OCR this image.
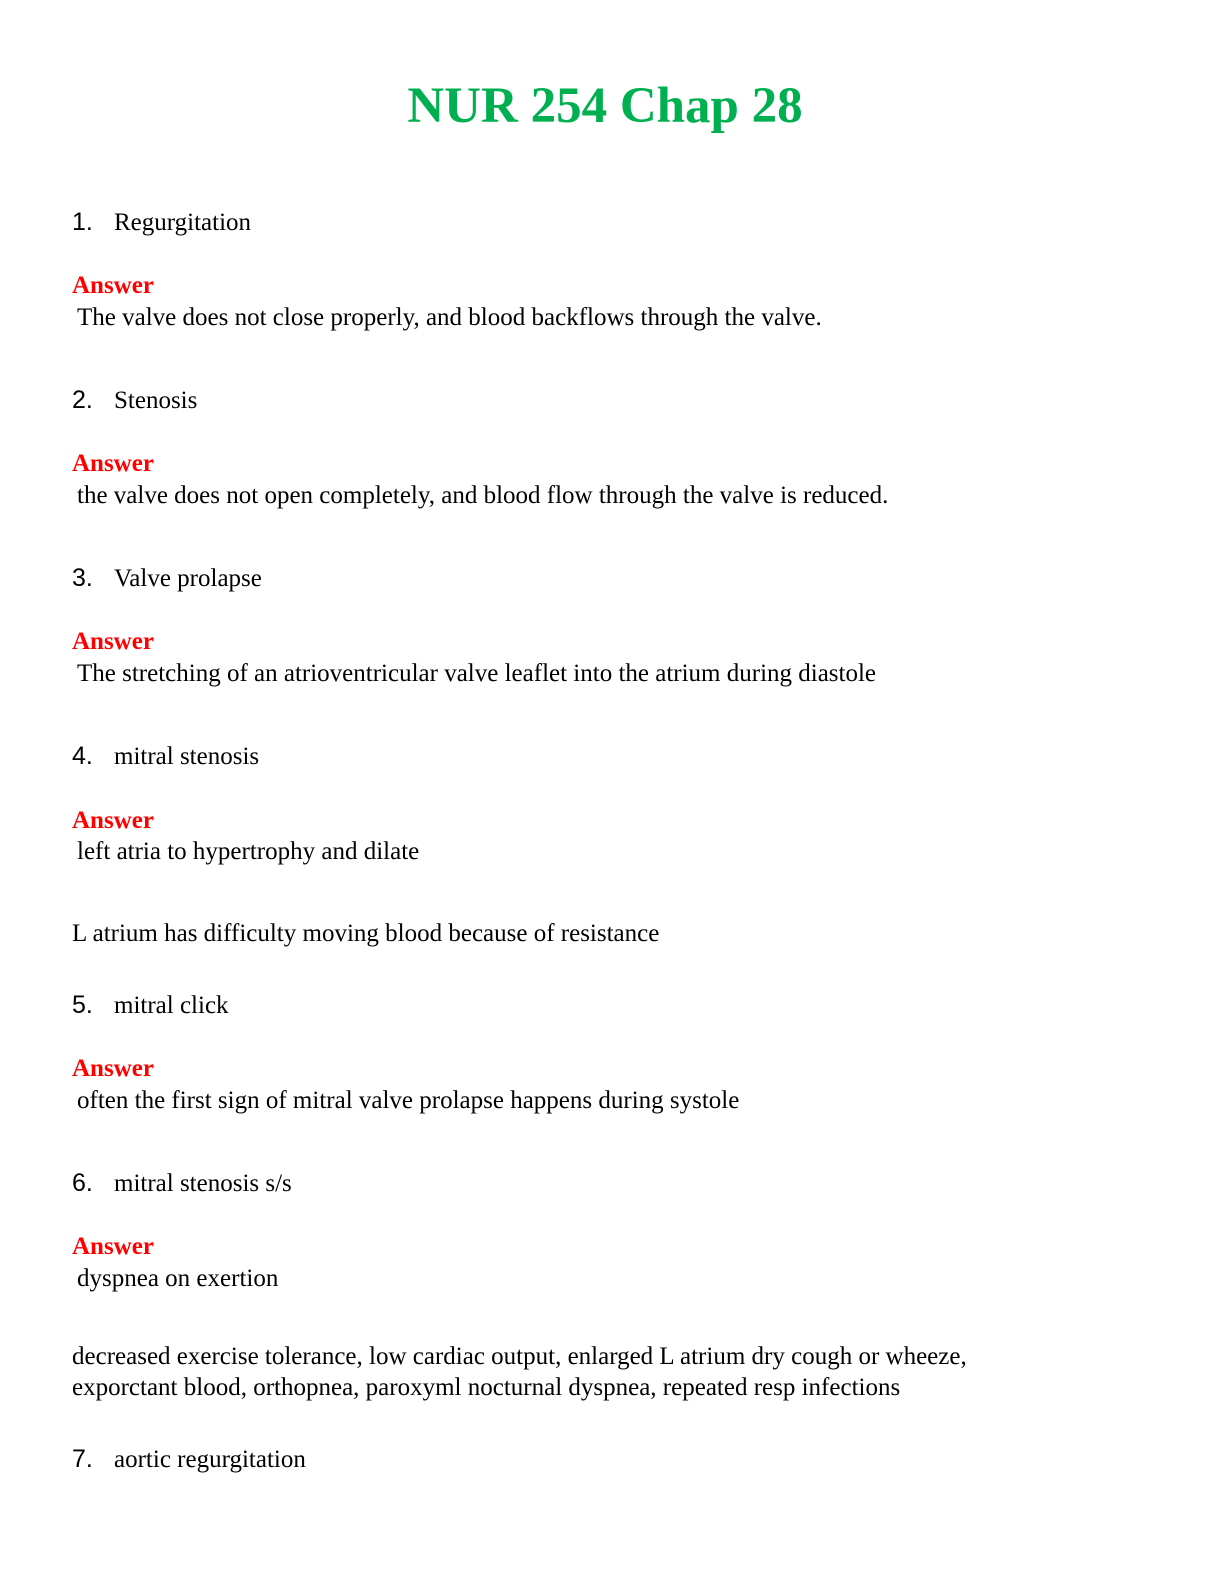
NUR 254 Chap 28
1. Regurgitation
Answer
The valve does not close properly, and blood backflows through the valve.
2. Stenosis
Answer
the valve does not open completely, and blood flow through the valve is reduced.
3. Valve prolapse
Answer
The stretching of an atrioventricular valve leaflet into the atrium during diastole
4. mitral stenosis
Answer
left atria to hypertrophy and dilate
L atrium has difficulty moving blood because of resistance
5. mitral click
Answer
often the first sign of mitral valve prolapse happens during systole
6. mitral stenosis s/s
Answer
dyspnea on exertion
decreased exercise tolerance, low cardiac output, enlarged L atrium dry cough or wheeze,
exporctant blood, orthopnea, paroxyml nocturnal dyspnea, repeated resp infections
7. aortic regurgitation
